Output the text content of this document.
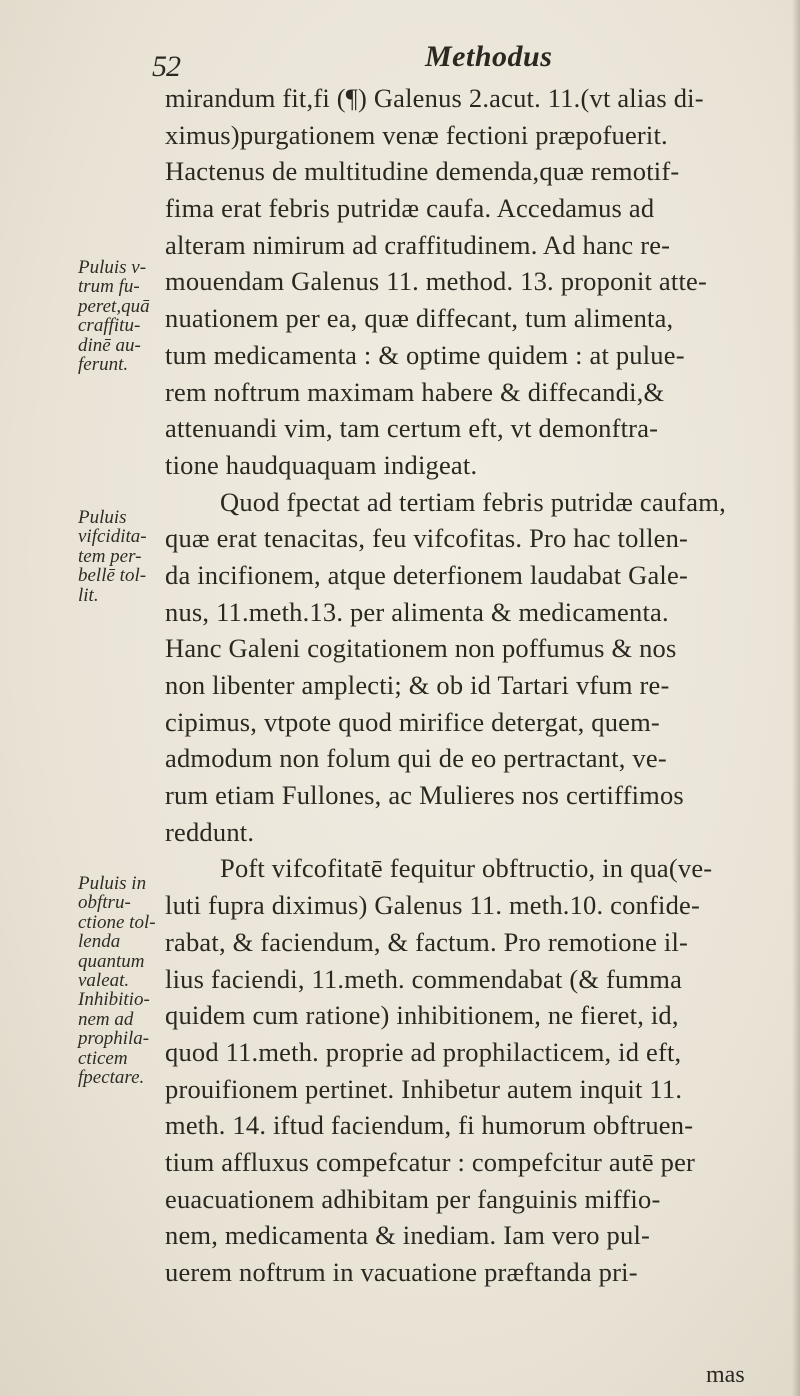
52	Methodus
mirandum fit,fi (¶) Galenus 2.acut. 11.(vt alias di-
ximus)purgationem venæ fectioni præpofuerit.
Hactenus de multitudine demenda,quæ remotif-
fima erat febris putridæ caufa. Accedamus ad
alteram nimirum ad craffitudinem. Ad hanc re-
mouendam Galenus 11. method. 13. proponit atte-
nuationem per ea, quæ diffecant, tum alimenta,
tum medicamenta : & optime quidem : at pulue-
rem noftrum maximam habere & diffecandi,&
attenuandi vim, tam certum eft, vt demonftra-
tione haudquaquam indigeat.
Quod fpectat ad tertiam febris putridæ caufam,
quæ erat tenacitas, feu vifcofitas. Pro hac tollen-
da incifionem, atque deterfionem laudabat Gale-
nus, 11.meth.13. per alimenta & medicamenta.
Hanc Galeni cogitationem non poffumus & nos
non libenter amplecti; & ob id Tartari vfum re-
cipimus, vtpote quod mirifice detergat, quem-
admodum non folum qui de eo pertractant, ve-
rum etiam Fullones, ac Mulieres nos certiffimos
reddunt.
Poft vifcofitatē fequitur obftructio, in qua(ve-
luti fupra diximus) Galenus 11. meth.10. confide-
rabat, & faciendum, & factum. Pro remotione il-
lius faciendi, 11.meth. commendabat (& fumma
quidem cum ratione) inhibitionem, ne fieret, id,
quod 11.meth. proprie ad prophilacticem, id eft,
prouifionem pertinet. Inhibetur autem inquit 11.
meth. 14. iftud faciendum, fi humorum obftruen-
tium affluxus compefcatur : compefcitur autē per
euacuationem adhibitam per fanguinis miffio-
nem, medicamenta & inediam. Iam vero pul-
uerem noftrum in vacuatione præftanda pri-
Puluis v-
trum fu-
peret,quā
craffitu-
dinē au-
ferunt.
Puluis
vifcidita-
tem per-
bellē tol-
lit.
Puluis in
obftru-
ctione tol-
lenda
quantum
valeat.
Inhibitio-
nem ad
prophila-
cticem
fpectare.
mas
